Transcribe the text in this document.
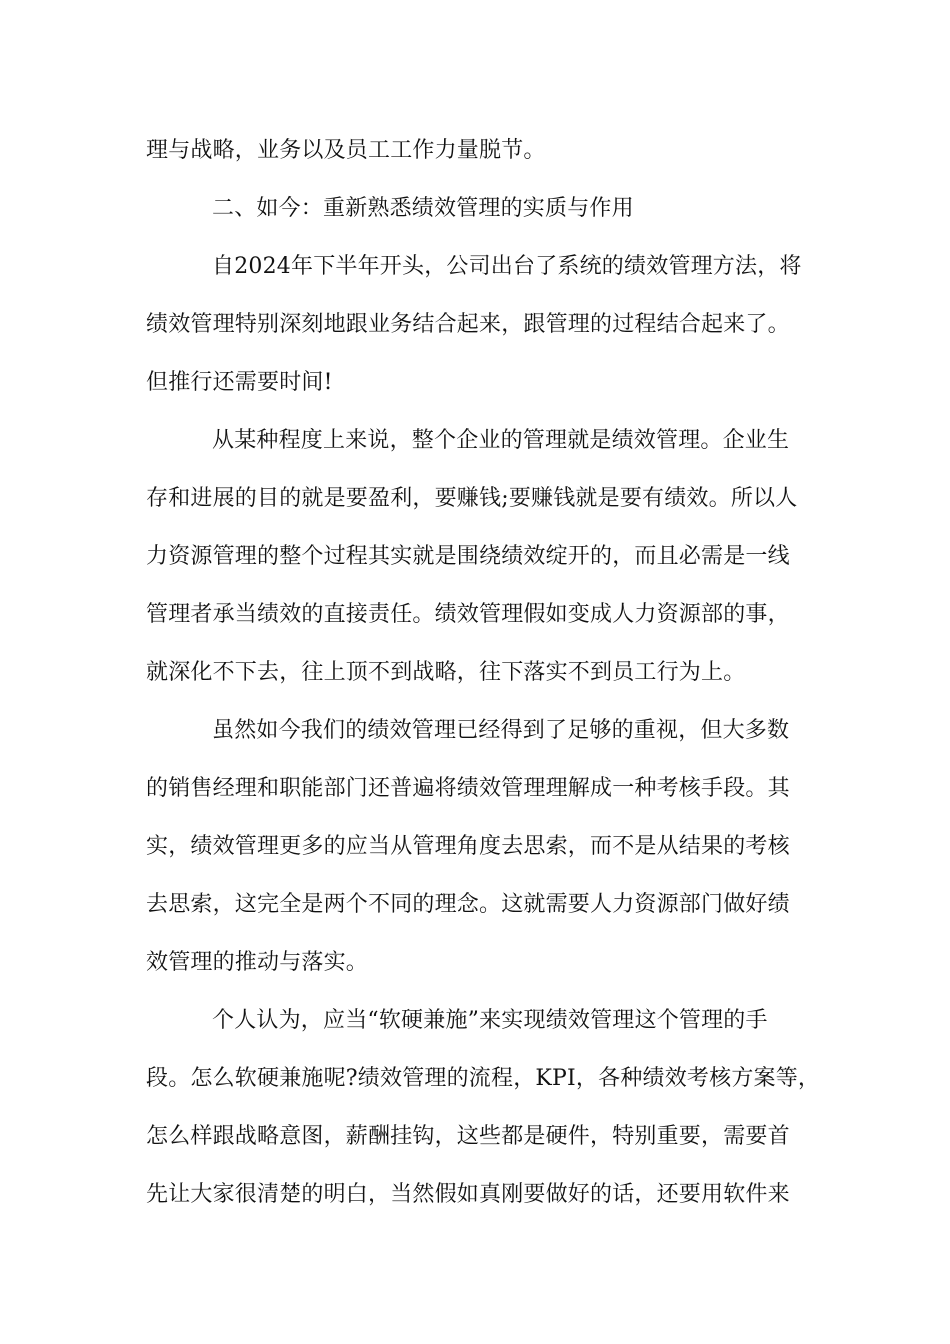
理与战略，业务以及员工工作力量脱节。
二、如今：重新熟悉绩效管理的实质与作用
自2024年下半年开头，公司出台了系统的绩效管理方法，将
绩效管理特别深刻地跟业务结合起来，跟管理的过程结合起来了。
但推行还需要时间!
从某种程度上来说，整个企业的管理就是绩效管理。企业生
存和进展的目的就是要盈利，要赚钱;要赚钱就是要有绩效。所以人
力资源管理的整个过程其实就是围绕绩效绽开的，而且必需是一线
管理者承当绩效的直接责任。绩效管理假如变成人力资源部的事，
就深化不下去，往上顶不到战略，往下落实不到员工行为上。
虽然如今我们的绩效管理已经得到了足够的重视，但大多数
的销售经理和职能部门还普遍将绩效管理理解成一种考核手段。其
实，绩效管理更多的应当从管理角度去思索，而不是从结果的考核
去思索，这完全是两个不同的理念。这就需要人力资源部门做好绩
效管理的推动与落实。
个人认为，应当“软硬兼施”来实现绩效管理这个管理的手
段。怎么软硬兼施呢?绩效管理的流程，KPI，各种绩效考核方案等，
怎么样跟战略意图，薪酬挂钩，这些都是硬件，特别重要，需要首
先让大家很清楚的明白，当然假如真刚要做好的话，还要用软件来
